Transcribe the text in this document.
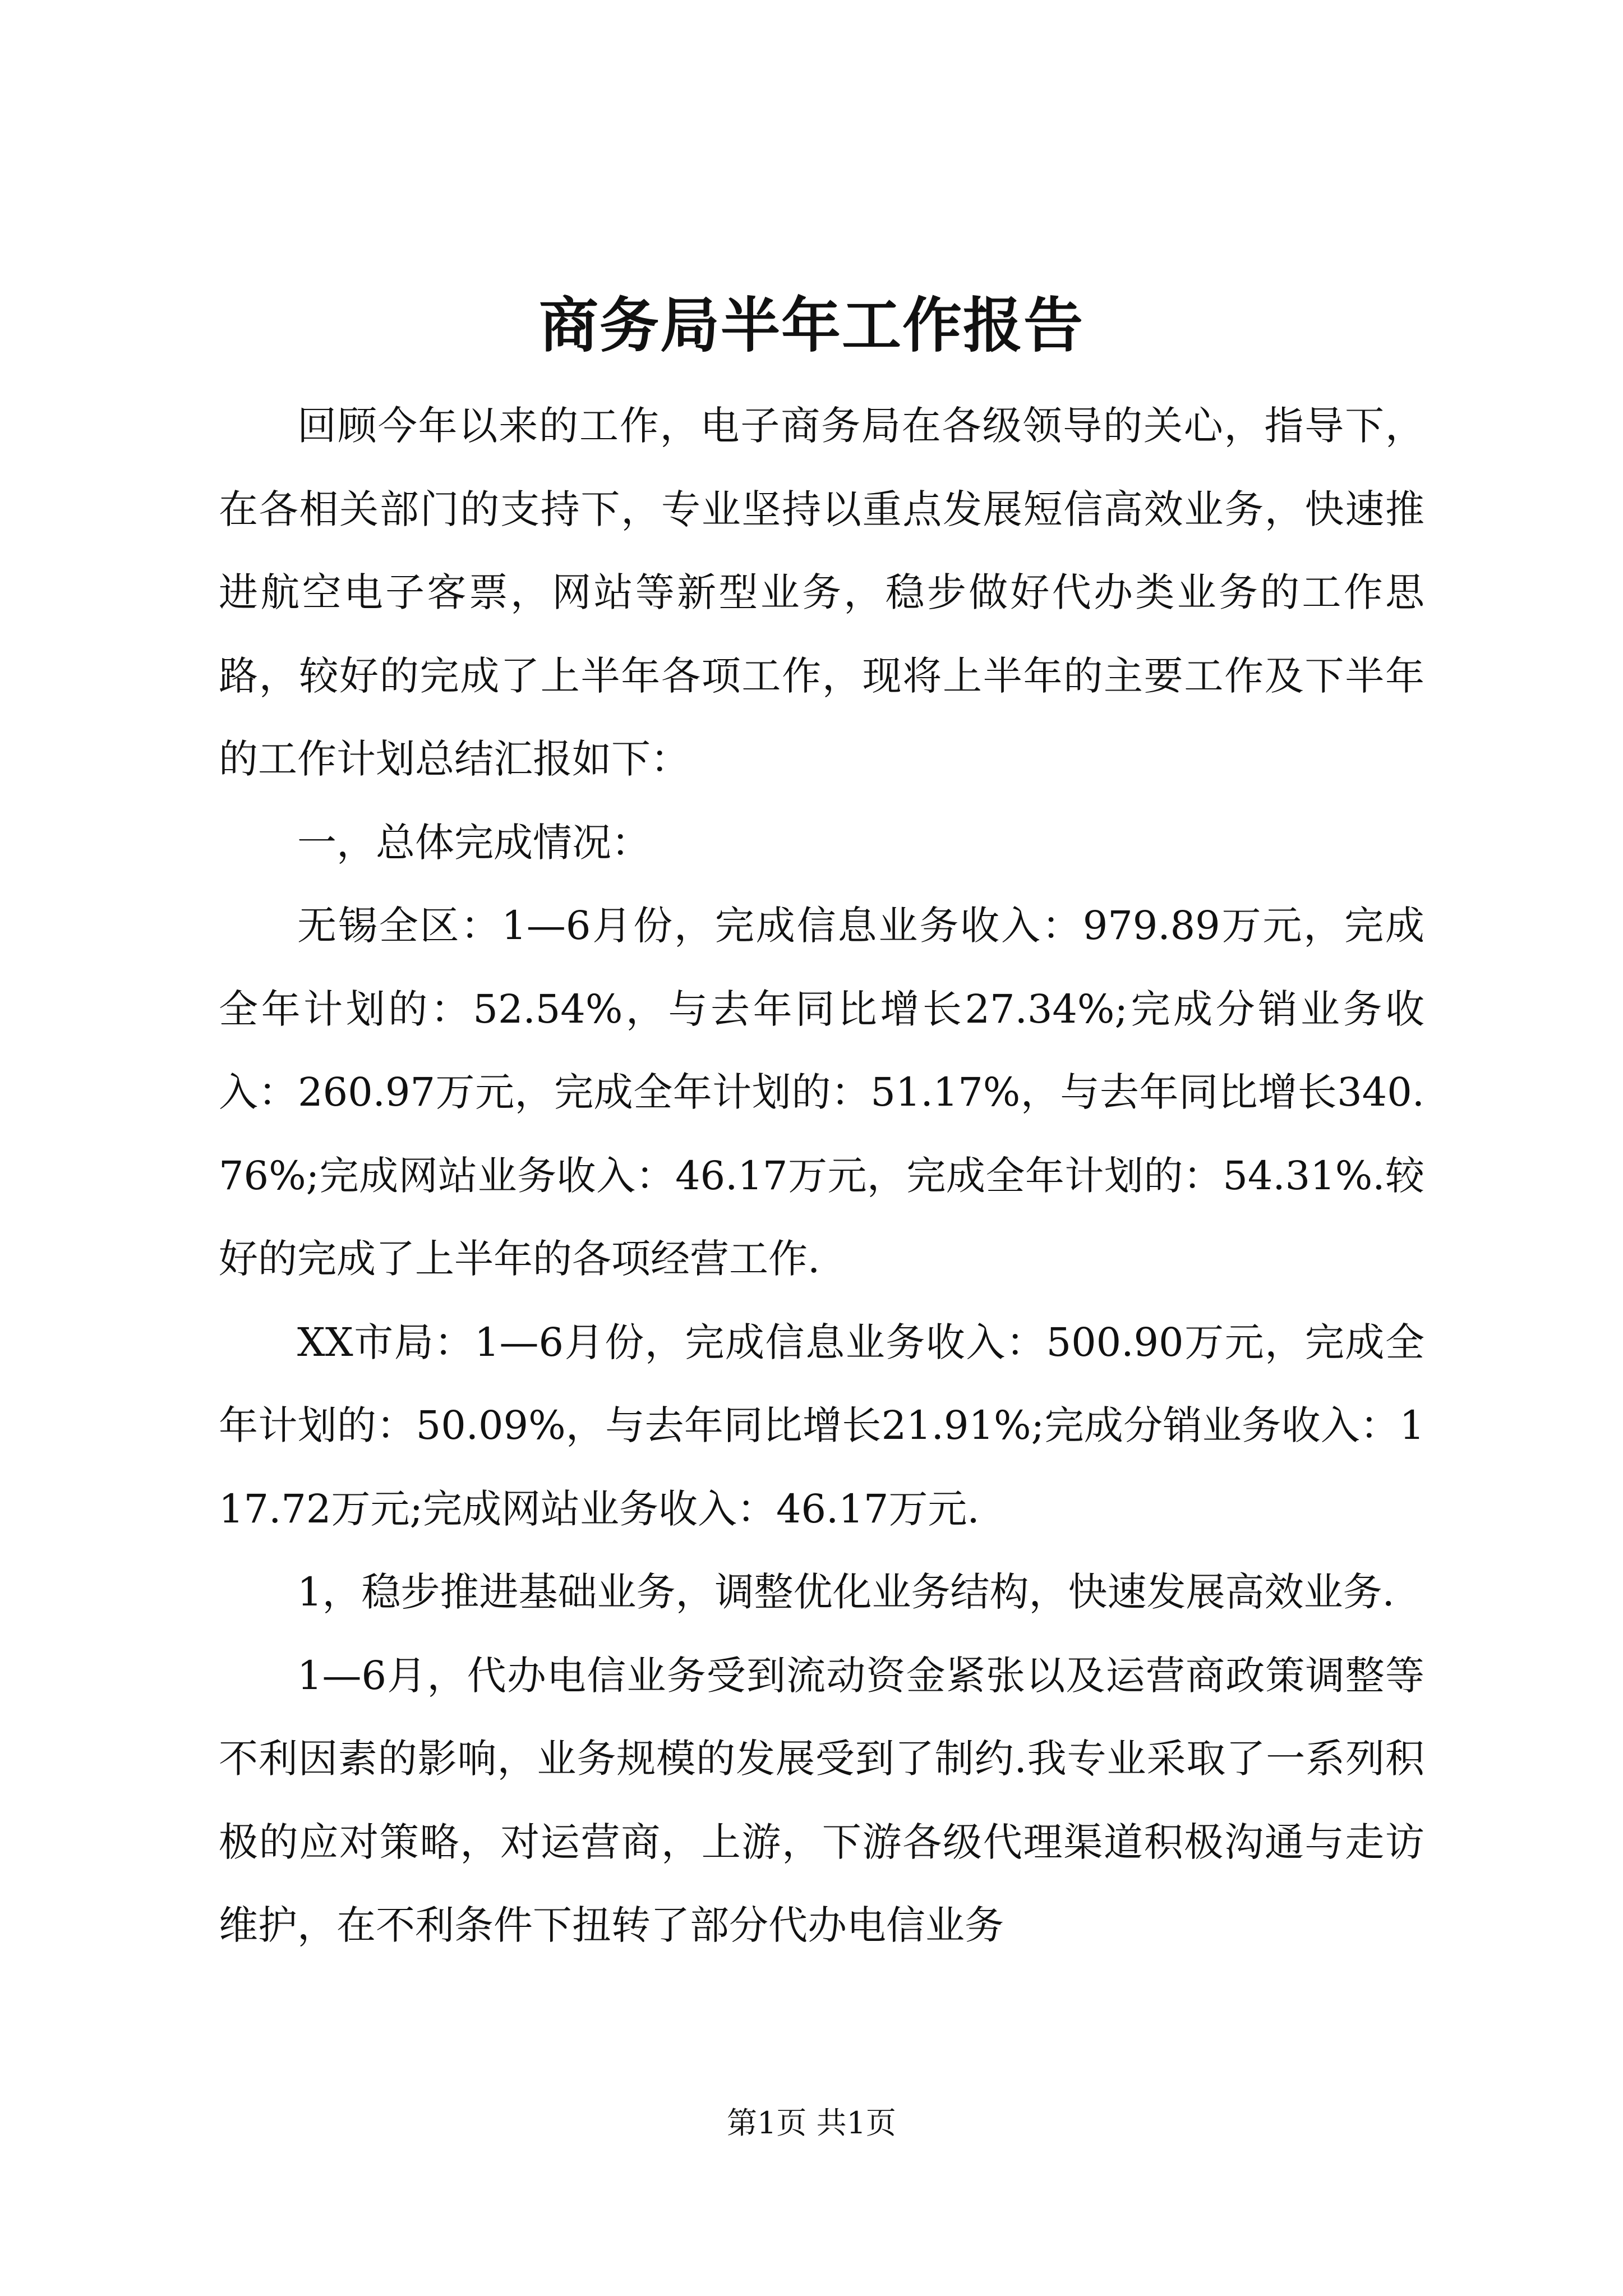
商务局半年工作报告

回顾今年以来的工作，电子商务局在各级领导的关心，指导下，在各相关部门的支持下，专业坚持以重点发展短信高效业务，快速推进航空电子客票，网站等新型业务，稳步做好代办类业务的工作思路，较好的完成了上半年各项工作，现将上半年的主要工作及下半年的工作计划总结汇报如下：

一，总体完成情况：

无锡全区：1—6月份，完成信息业务收入：979.89万元，完成全年计划的：52.54%，与去年同比增长27.34%;完成分销业务收入：260.97万元，完成全年计划的：51.17%，与去年同比增长340.76%;完成网站业务收入：46.17万元，完成全年计划的：54.31%.较好的完成了上半年的各项经营工作.

XX市局：1—6月份，完成信息业务收入：500.90万元，完成全年计划的：50.09%，与去年同比增长21.91%;完成分销业务收入：117.72万元;完成网站业务收入：46.17万元.

1，稳步推进基础业务，调整优化业务结构，快速发展高效业务.

1—6月，代办电信业务受到流动资金紧张以及运营商政策调整等不利因素的影响，业务规模的发展受到了制约.我专业采取了一系列积极的应对策略，对运营商，上游，下游各级代理渠道积极沟通与走访维护，在不利条件下扭转了部分代办电信业务

第1页 共1页
